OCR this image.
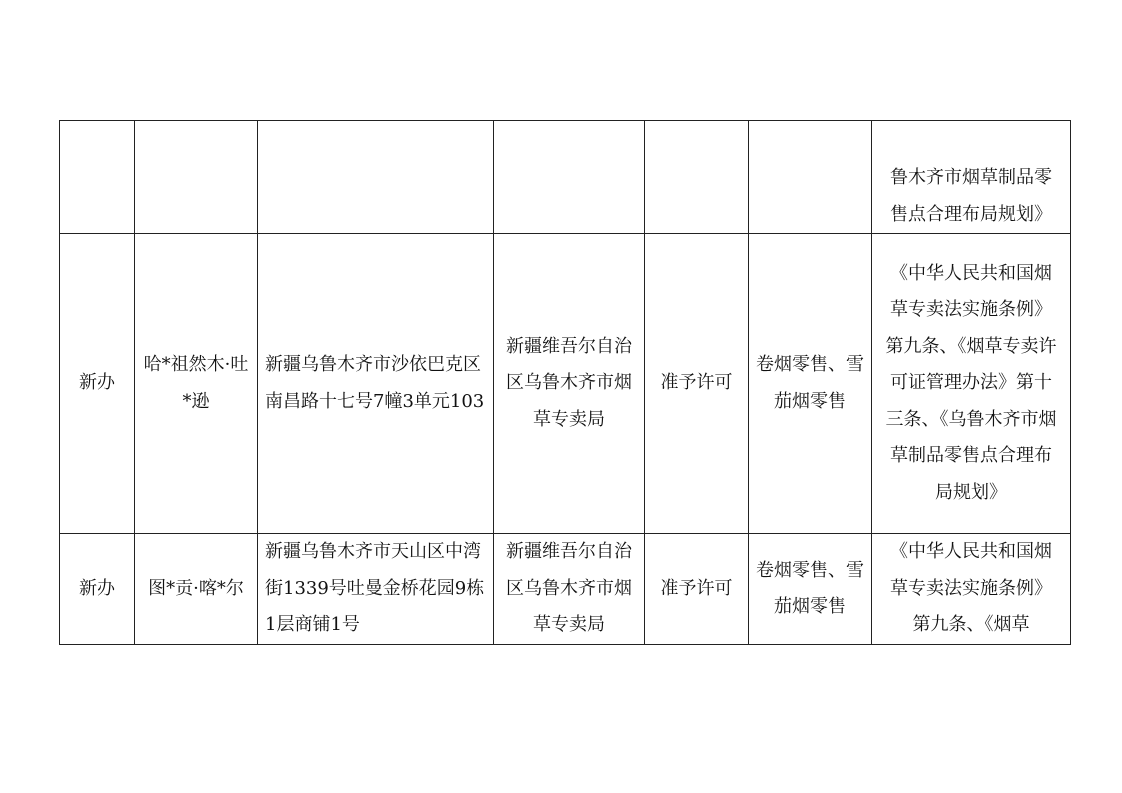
						鲁木齐市烟草制品零售点合理布局规划》
新办	哈*祖然木·吐*逊	新疆乌鲁木齐市沙依巴克区南昌路十七号7幢3单元103	新疆维吾尔自治区乌鲁木齐市烟草专卖局	准予许可	卷烟零售、雪茄烟零售	《中华人民共和国烟草专卖法实施条例》第九条、《烟草专卖许可证管理办法》第十三条、《乌鲁木齐市烟草制品零售点合理布局规划》
新办	图*贡·喀*尔	新疆乌鲁木齐市天山区中湾街1339号吐曼金桥花园9栋1层商铺1号	新疆维吾尔自治区乌鲁木齐市烟草专卖局	准予许可	卷烟零售、雪茄烟零售	《中华人民共和国烟草专卖法实施条例》第九条、《烟草
